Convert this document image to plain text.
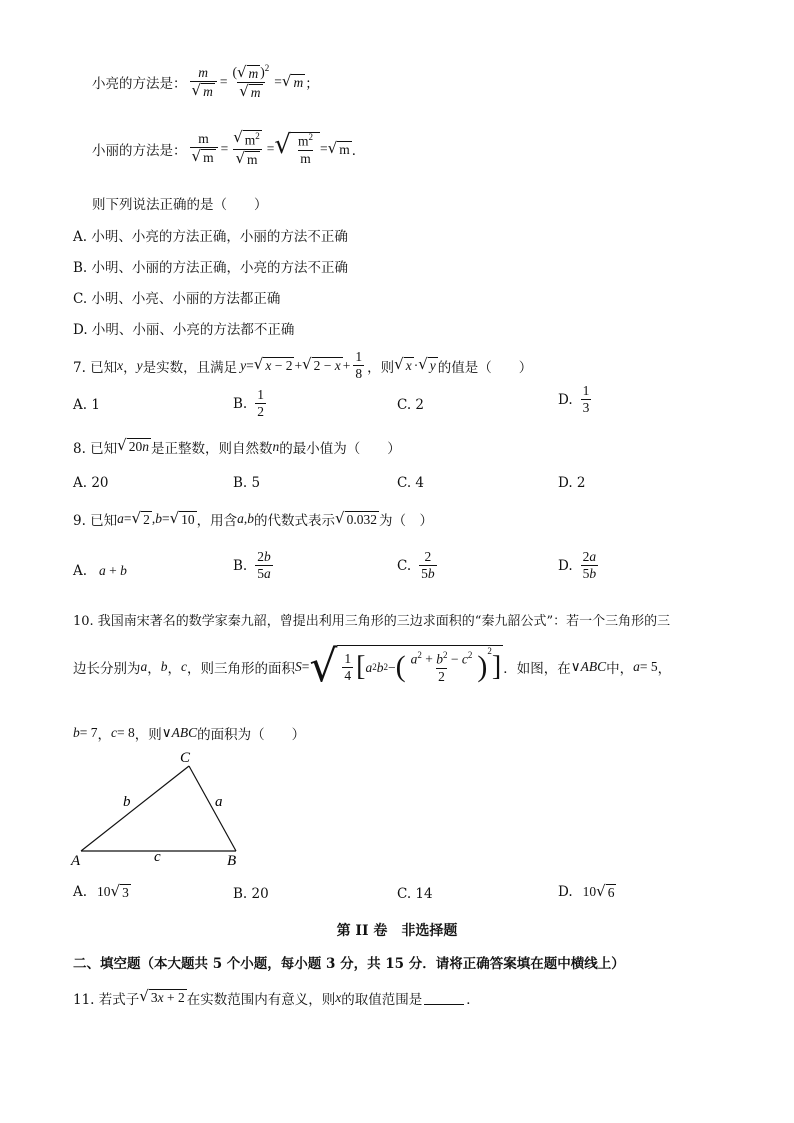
小亮的方法是： $\frac{m}{√ m} = \frac{( √ m )^2}{√ m}$ = √ m ；
小丽的方法是： $\frac{m}{√ m} = \frac{√ m^2}{√ m}$ = √ $\frac{m^2}{m}$ = √ m ．
则下列说法正确的是（　　）
A. 小明、小亮的方法正确，小丽的方法不正确
B. 小明、小丽的方法正确，小亮的方法不正确
C. 小明、小亮、小丽的方法都正确
D. 小明、小丽、小亮的方法都不正确
7. 已知 x ， y 是实数，且满足 y = √ x − 2 + √ $2 - x + \frac{1}{8}$ ，则 √ x · √ y 的值是（　　）
A. 1	B. $\frac{1}{2}$	C. 2	D. $\frac{1}{3}$
8. 已知 √ 20n 是正整数，则自然数 n 的最小值为（　　）
A. 20	B. 5	C. 4	D. 2
9. 已知 a = √ 2 , b = √ 10 ，用含 a , b 的代数式表示 √ 0.032 为（　）
A. a + b	B. $\frac{2b}{5a}$	C. $\frac{2}{5b}$	D. $\frac{2a}{5b}$
10. 我国南宋著名的数学家秦九韶，曾提出利用三角形的三边求面积的“秦九韶公式”：若一个三角形的三
边长分别为 a ， b ， c ，则三角形的面积 S = √ $\frac{1}{4}$ [ a 2 b 2 − ( $\frac{a^2 + b^2 - c^2}{2} )^2$
] ．如图，在 ∨ ABC 中， a = 5 ，
b = 7 ， c = 8 ，则 ∨ ABC 的面积为（　　）
C
A	B
b	a
c
A. 10 √ 3	B. 20	C. 14	D. 10 √ 6
第 II 卷　非选择题
二、填空题（本大题共 5 个小题，每小题 3 分，共 15 分．请将正确答案填在题中横线上）
11. 若式子 √ 3x + 2 在实数范围内有意义，则 x 的取值范围是	．
